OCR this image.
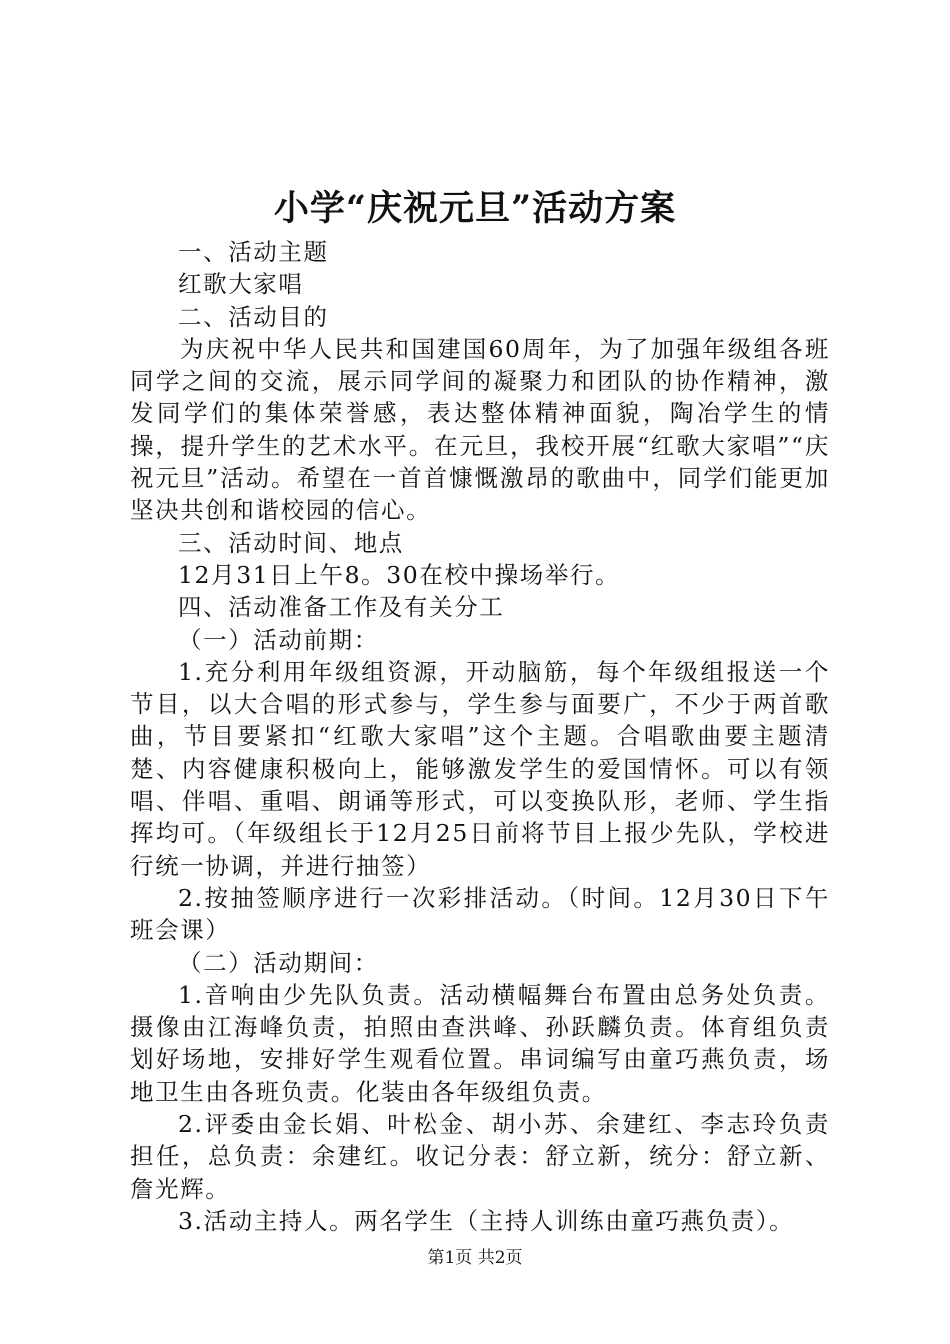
小学“庆祝元旦”活动方案

一、活动主题

红歌大家唱

二、活动目的

为庆祝中华人民共和国建国60周年，为了加强年级组各班同学之间的交流，展示同学间的凝聚力和团队的协作精神，激发同学们的集体荣誉感，表达整体精神面貌，陶冶学生的情操，提升学生的艺术水平。在元旦，我校开展“红歌大家唱”“庆祝元旦”活动。希望在一首首慷慨激昂的歌曲中，同学们能更加坚决共创和谐校园的信心。

三、活动时间、地点

12月31日上午8。30在校中操场举行。

四、活动准备工作及有关分工

（一）活动前期：

1.充分利用年级组资源，开动脑筋，每个年级组报送一个节目，以大合唱的形式参与，学生参与面要广，不少于两首歌曲，节目要紧扣“红歌大家唱”这个主题。合唱歌曲要主题清楚、内容健康积极向上，能够激发学生的爱国情怀。可以有领唱、伴唱、重唱、朗诵等形式，可以变换队形，老师、学生指挥均可。（年级组长于12月25日前将节目上报少先队，学校进行统一协调，并进行抽签）

2.按抽签顺序进行一次彩排活动。（时间。12月30日下午班会课）

（二）活动期间：

1.音响由少先队负责。活动横幅舞台布置由总务处负责。摄像由江海峰负责，拍照由查洪峰、孙跃麟负责。体育组负责划好场地，安排好学生观看位置。串词编写由童巧燕负责，场地卫生由各班负责。化装由各年级组负责。

2.评委由金长娟、叶松金、胡小苏、余建红、李志玲负责担任，总负责：余建红。收记分表：舒立新，统分：舒立新、詹光辉。

3.活动主持人。两名学生（主持人训练由童巧燕负责）。

第1页 共2页
